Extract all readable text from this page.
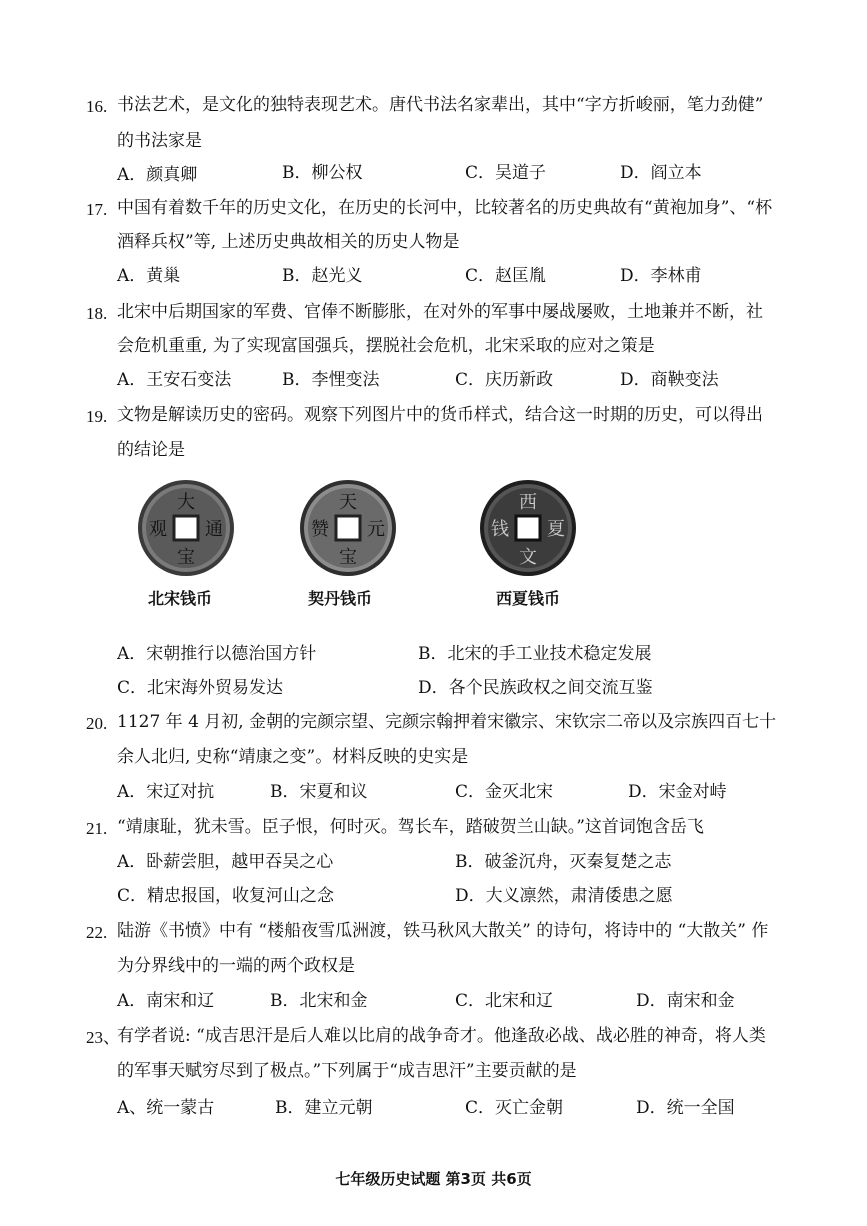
16. 书法艺术，是文化的独特表现艺术。唐代书法名家辈出，其中“字方折峻丽，笔力劲健”
的书法家是
A．颜真卿	B．柳公权	C．吴道子	D．阎立本
17. 中国有着数千年的历史文化，在历史的长河中，比较著名的历史典故有“黄袍加身”、“杯
酒释兵权”等, 上述历史典故相关的历史人物是
A．黄巢	B．赵光义	C．赵匡胤	D．李林甫
18. 北宋中后期国家的军费、官俸不断膨胀，在对外的军事中屡战屡败，土地兼并不断，社
会危机重重, 为了实现富国强兵，摆脱社会危机，北宋采取的应对之策是
A．王安石变法	B．李悝变法	C．庆历新政	D．商鞅变法
19. 文物是解读历史的密码。观察下列图片中的货币样式，结合这一时期的历史，可以得出
的结论是
大
通
宝
观
北宋钱币
天
元
宝
赞
契丹钱币
西
夏
文
钱
西夏钱币
A．宋朝推行以德治国方针	B．北宋的手工业技术稳定发展
C．北宋海外贸易发达	D．各个民族政权之间交流互鉴
20. 1127 年 4 月初, 金朝的完颜宗望、完颜宗翰押着宋徽宗、宋钦宗二帝以及宗族四百七十
余人北归, 史称“靖康之变”。材料反映的史实是
A．宋辽对抗	B．宋夏和议	C．金灭北宋	D．宋金对峙
21. “靖康耻，犹未雪。臣子恨，何时灭。驾长车，踏破贺兰山缺。”这首词饱含岳飞
A．卧薪尝胆，越甲吞吴之心	B．破釜沉舟，灭秦复楚之志
C．精忠报国，收复河山之念	D．大义凛然，肃清倭患之愿
22. 陆游《书愤》中有 “楼船夜雪瓜洲渡，铁马秋风大散关” 的诗句，将诗中的 “大散关” 作
为分界线中的一端的两个政权是
A．南宋和辽	B．北宋和金	C．北宋和辽	D．南宋和金
23、
有学者说: “成吉思汗是后人难以比肩的战争奇才。他逢敌必战、战必胜的神奇，将人类
的军事天赋穷尽到了极点。”下列属于“成吉思汗”主要贡献的是
A、统一蒙古	B．建立元朝	C．灭亡金朝	D．统一全国
七年级历史试题 第3页 共6页
